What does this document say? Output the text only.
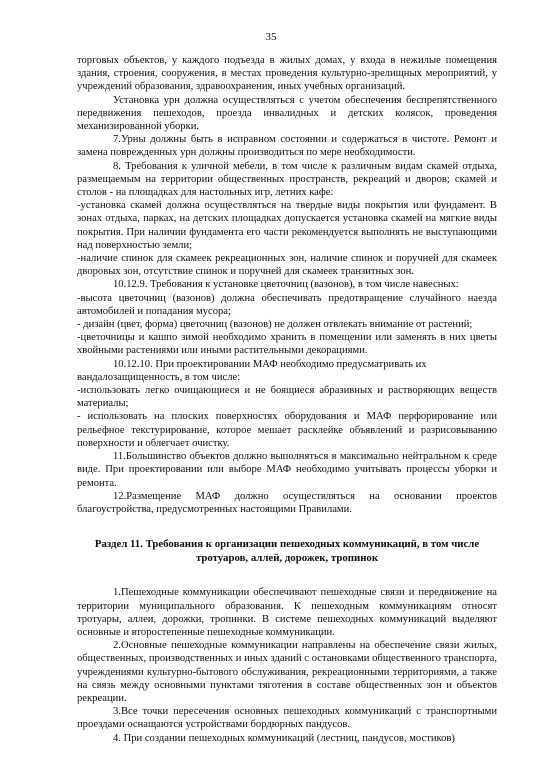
35

торговых объектов, у каждого подъезда в жилых домах, у входа в нежилые помещения здания, строения, сооружения, в местах проведения культурно-зрелищных мероприятий, у учреждений образования, здравоохранения, иных учебных организаций.

Установка урн должна осуществляться с учетом обеспечения беспрепятственного передвижения пешеходов, проезда инвалидных и детских колясок, проведения механизированной уборки.

7.Урны должны быть в исправном состоянии и содержаться в чистоте. Ремонт и замена поврежденных урн должны производиться по мере необходимости.

8. Требования к уличной мебели, в том числе к различным видам скамей отдыха, размещаемым на территории общественных пространств, рекреаций и дворов; скамей и столов - на площадках для настольных игр, летних кафе:

-установка скамей должна осуществляться на твердые виды покрытия или фундамент. В зонах отдыха, парках, на детских площадках допускается установка скамей на мягкие виды покрытия. При наличии фундамента его части рекомендуется выполнять не выступающими над поверхностью земли;

-наличие спинок для скамеек рекреационных зон, наличие спинок и поручней для скамеек дворовых зон, отсутствие спинок и поручней для скамеек транзитных зон.

10.12.9. Требования к установке цветочниц (вазонов), в том числе навесных:

-высота цветочниц (вазонов) должна обеспечивать предотвращение случайного наезда автомобилей и попадания мусора;

- дизайн (цвет, форма) цветочниц (вазонов) не должен отвлекать внимание от растений;

-цветочницы и кашпо зимой необходимо хранить в помещении или заменять в них цветы хвойными растениями или иными растительными декорациями.

10.12.10. При проектировании МАФ необходимо предусматривать их

вандалозащищенность, в том числе:

-использовать легко очищающиеся и не боящиеся абразивных и растворяющих веществ материалы;

- использовать на плоских поверхностях оборудования и МАФ перфорирование или рельефное текстурирование, которое мешает расклейке объявлений и разрисовыванию поверхности и облегчает очистку.

11.Большинство объектов должно выполняться в максимально нейтральном к среде виде. При проектировании или выборе МАФ необходимо учитывать процессы уборки и ремонта.

12.Размещение МАФ должно осуществляться на основании проектов благоустройства, предусмотренных настоящими Правилами.

Раздел 11. Требования к организации пешеходных коммуникаций, в том числе тротуаров, аллей, дорожек, тропинок

1.Пешеходные коммуникации обеспечивают пешеходные связи и передвижение на территории муниципального образования. К пешеходным коммуникациям относят тротуары, аллеи, дорожки, тропинки. В системе пешеходных коммуникаций выделяют основные и второстепенные пешеходные коммуникации.

2.Основные пешеходные коммуникации направлены на обеспечение связи жилых, общественных, производственных и иных зданий с остановками общественного транспорта, учреждениями культурно-бытового обслуживания, рекреационными территориями, а также на связь между основными пунктами тяготения в составе общественных зон и объектов рекреации.

3.Все точки пересечения основных пешеходных коммуникаций с транспортными проездами оснащаются устройствами бордюрных пандусов.

4. При создании пешеходных коммуникаций (лестниц, пандусов, мостиков)
